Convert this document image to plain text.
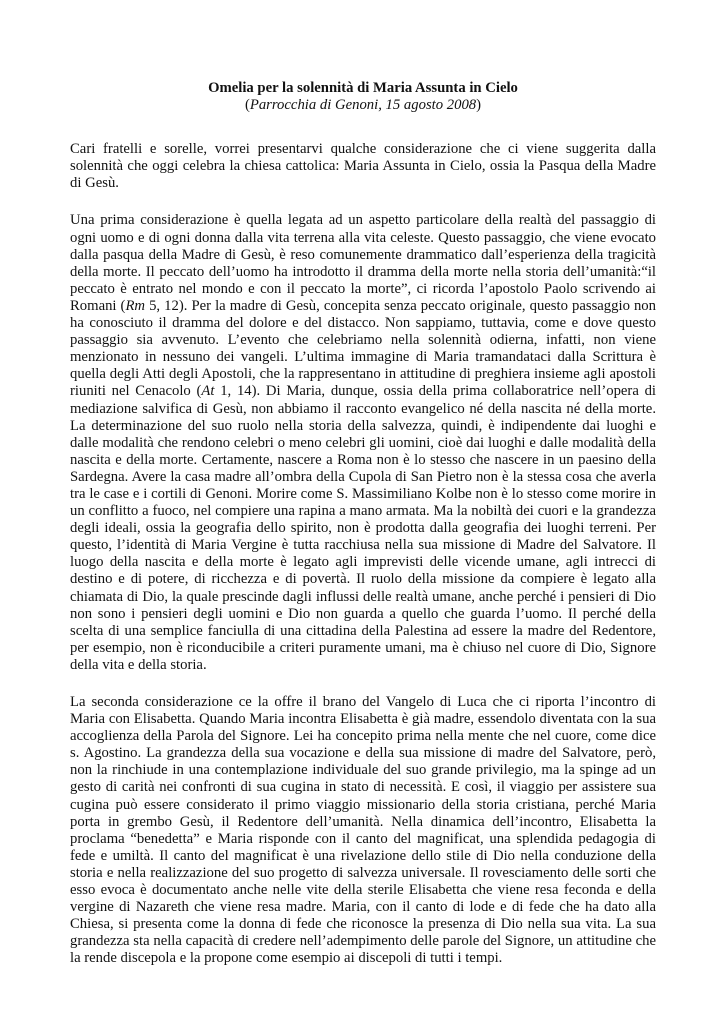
Omelia per la solennità di Maria Assunta in Cielo

(Parrocchia di Genoni, 15 agosto 2008)

Cari fratelli e sorelle, vorrei presentarvi qualche considerazione che ci viene suggerita dalla solennità che oggi celebra la chiesa cattolica: Maria Assunta in Cielo, ossia la Pasqua della Madre di Gesù.

Una prima considerazione è quella legata ad un aspetto particolare della realtà del passaggio di ogni uomo e di ogni donna dalla vita terrena alla vita celeste. Questo passaggio, che viene evocato dalla pasqua della Madre di Gesù, è reso comunemente drammatico dall’esperienza della tragicità della morte. Il peccato dell’uomo ha introdotto il dramma della morte nella storia dell’umanità:“il peccato è entrato nel mondo e con il peccato la morte”, ci ricorda l’apostolo Paolo scrivendo ai Romani (Rm 5, 12). Per la madre di Gesù, concepita senza peccato originale, questo passaggio non ha conosciuto il dramma del dolore e del distacco. Non sappiamo, tuttavia, come e dove questo passaggio sia avvenuto. L’evento che celebriamo nella solennità odierna, infatti, non viene menzionato in nessuno dei vangeli. L’ultima immagine di Maria tramandataci dalla Scrittura è quella degli Atti degli Apostoli, che la rappresentano in attitudine di preghiera insieme agli apostoli riuniti nel Cenacolo (At 1, 14). Di Maria, dunque, ossia della prima collaboratrice nell’opera di mediazione salvifica di Gesù, non abbiamo il racconto evangelico né della nascita né della morte. La determinazione del suo ruolo nella storia della salvezza, quindi, è indipendente dai luoghi e dalle modalità che rendono celebri o meno celebri gli uomini, cioè dai luoghi e dalle modalità della nascita e della morte. Certamente, nascere a Roma non è lo stesso che nascere in un paesino della Sardegna. Avere la casa madre all’ombra della Cupola di San Pietro non è la stessa cosa che averla tra le case e i cortili di Genoni. Morire come S. Massimiliano Kolbe non è lo stesso come morire in un conflitto a fuoco, nel compiere una rapina a mano armata. Ma la nobiltà dei cuori e la grandezza degli ideali, ossia la geografia dello spirito, non è prodotta dalla geografia dei luoghi terreni. Per questo, l’identità di Maria Vergine è tutta racchiusa nella sua missione di Madre del Salvatore. Il luogo della nascita e della morte è legato agli imprevisti delle vicende umane, agli intrecci di destino e di potere, di ricchezza e di povertà. Il ruolo della missione da compiere è legato alla chiamata di Dio, la quale prescinde dagli influssi delle realtà umane, anche perché i pensieri di Dio non sono i pensieri degli uomini e Dio non guarda a quello che guarda l’uomo. Il perché della scelta di una semplice fanciulla di una cittadina della Palestina ad essere la madre del Redentore, per esempio, non è riconducibile a criteri puramente umani, ma è chiuso nel cuore di Dio, Signore della vita e della storia.

La seconda considerazione ce la offre il brano del Vangelo di Luca che ci riporta l’incontro di Maria con Elisabetta. Quando Maria incontra Elisabetta è già madre, essendolo diventata con la sua accoglienza della Parola del Signore. Lei ha concepito prima nella mente che nel cuore, come dice s. Agostino. La grandezza della sua vocazione e della sua missione di madre del Salvatore, però, non la rinchiude in una contemplazione individuale del suo grande privilegio, ma la spinge ad un gesto di carità nei confronti di sua cugina in stato di necessità. E così, il viaggio per assistere sua cugina può essere considerato il primo viaggio missionario della storia cristiana, perché Maria porta in grembo Gesù, il Redentore dell’umanità. Nella dinamica dell’incontro, Elisabetta la proclama “benedetta” e Maria risponde con il canto del magnificat, una splendida pedagogia di fede e umiltà. Il canto del magnificat è una rivelazione dello stile di Dio nella conduzione della storia e nella realizzazione del suo progetto di salvezza universale. Il rovesciamento delle sorti che esso evoca è documentato anche nelle vite della sterile Elisabetta che viene resa feconda e della vergine di Nazareth che viene resa madre. Maria, con il canto di lode e di fede che ha dato alla Chiesa, si presenta come la donna di fede che riconosce la presenza di Dio nella sua vita. La sua grandezza sta nella capacità di credere nell’adempimento delle parole del Signore, un attitudine che la rende discepola e la propone come esempio ai discepoli di tutti i tempi.
